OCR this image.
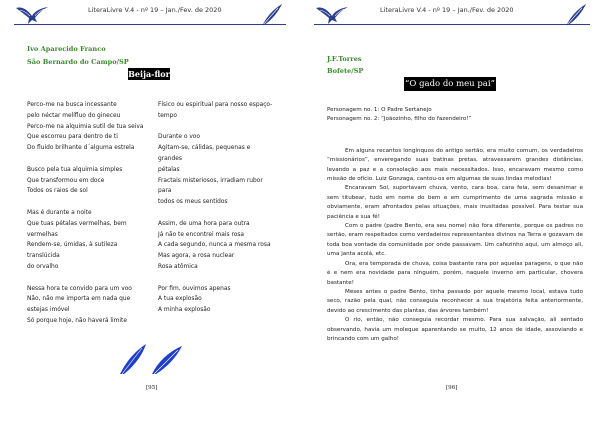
LiteraLivre V.4 - nº 19 – Jan./Fev. de 2020
Ivo Aparecido Franco
São Bernardo do Campo/SP
Beija-flor
Perco-me na busca incessante
pelo néctar melífluo do gineceu
Perco-me na alquimia sutil de tua seiva
Que escorreu para dentro de ti
Do fluido brilhante d´alguma estrela
Busco pela tua alquimia simples
Que transformou em doce
Todos os raios de sol
Mas é durante a noite
Que tuas pétalas vermelhas, bem
vermelhas
Rendem-se, úmidas, à sutileza
translúcida
do orvalho
Nessa hora te convido para um voo
Não, não me importa em nada que
estejas imóvel
Só porque hoje, não haverá limite
Físico ou espiritual para nosso espaço-
tempo
Durante o voo
Agitam-se, cálidas, pequenas e
grandes
pétalas
Fractais misteriosos, irradiam rubor
para
todos os meus sentidos
Assim, de uma hora para outra
Já não te encontrei mais rosa
A cada segundo, nunca a mesma rosa
Mas agora, a rosa nuclear
Rosa atômica
Por fim, ouvimos apenas
A tua explosão
A minha explosão
[95]
LiteraLivre V.4 - nº 19 – Jan./Fev. de 2020
J.F.Torres
Bofete/SP
“O gado do meu pai”

Personagem no. 1: O Padre Sertanejo

Personagem no. 2: “Joãozinho, filho do fazendeiro!”

Em alguns recantos longínquos do antigo sertão, era muito comum, os verdadeiros “missionários”, enveregando suas batinas pretas, atravessarem grandes distâncias, levando a paz e a consolação aos mais necessitados. Isso, encaravam mesmo como missão de ofício. Luiz Gonzaga, cantou-os em algumas de suas lindas melodias!

Encaravam Sol, suportavam chuva, vento, cara boa, cara feia, sem desanimar e sem titubear, tudo em nome do bem e em cumprimento de uma sagrada missão e obviamente, eram afrontados pelas situações, mais inusitadas possível. Para testar sua paciência e sua fé!

Com o padre (padre Bento, era seu nome) não fora diferente, porque os padres no sertão, eram respeitados como verdadeiros representantes divinos na Terra e gozavam de toda boa vontade da comunidade por onde passavam. Um cafezinho aqui, um almoço ali, uma janta acolá, etc.

Ora, era temporada de chuva, coisa bastante rara por aquelas paragens, o que não é e nem era novidade para ninguém, porém, naquele inverno em particular, chovera bastante!

Meses antes o padre Bento, tinha passado por aquele mesmo local, estava tudo seco, razão pela qual, não conseguia reconhecer a sua trajetória feita anteriormente, devido ao crescimento das plantas, das árvores também!

O rio, então, não conseguia recordar mesmo. Para sua salvação, ali sentado observando, havia um moleque aparentando se muito, 12 anos de idade, assoviando e brincando com um galho!

[96]
